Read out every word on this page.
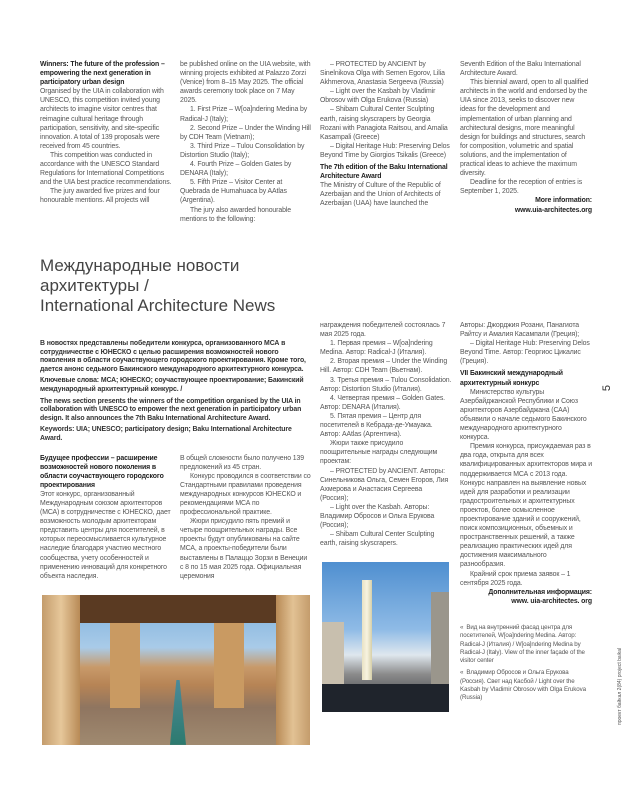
Winners: The future of the profession – empowering the next generation in participatory urban design
Organised by the UIA in collaboration with UNESCO, this competition invited young architects to imagine visitor centres that reimagine cultural heritage through participation, sensitivity, and site-specific innovation. A total of 139 proposals were received from 45 countries.
This competition was conducted in accordance with the UNESCO Standard Regulations for International Competitions and the UIA best practice recommendations.
The jury awarded five prizes and four honourable mentions. All projects will
be published online on the UIA website, with winning projects exhibited at Palazzo Zorzi (Venice) from 8–15 May 2025. The official awards ceremony took place on 7 May 2025.
1. First Prize – W[oa]ndering Medina by Radical-J (Italy);
2. Second Prize – Under the Winding Hill by CDH Team (Vietnam);
3. Third Prize – Tulou Consolidation by Distortion Studio (Italy);
4. Fourth Prize – Golden Gates by DENARA (Italy);
5. Fifth Prize – Visitor Center at Quebrada de Humahuaca by AAtlas (Argentina).
The jury also awarded honourable mentions to the following:
– PROTECTED by ANCIENT by Sinelnikova Olga with Semen Egorov, Lilia Akhmerova, Anastasia Sergeeva (Russia)
– Light over the Kasbah by Vladimir Obrosov with Olga Erukova (Russia)
– Shibam Cultural Center Sculpting earth, raising skyscrapers by Georgia Rozani with Panagiota Raitsou, and Amalia Kasampali (Greece)
– Digital Heritage Hub: Preserving Delos Beyond Time by Giorgios Tsikalis (Greece)
The 7th edition of the Baku International Architecture Award
The Ministry of Culture of the Republic of Azerbaijan and the Union of Architects of Azerbaijan (UAA) have launched the
Seventh Edition of the Baku International Architecture Award.
This biennial award, open to all qualified architects in the world and endorsed by the UIA since 2013, seeks to discover new ideas for the development and implementation of urban planning and architectural designs, more meaningful design for buildings and structures, search for composition, volumetric and spatial solutions, and the implementation of practical ideas to achieve the maximum diversity.
Deadline for the reception of entries is September 1, 2025.
More information:
www.uia-architectes.org
Международные новости архитектуры /
International Architecture News
В новостях представлены победители конкурса, организованного МСА в сотрудничестве с ЮНЕСКО с целью расширения возможностей нового поколения в области соучаствующего городского проектирования. Кроме того, дается анонс седьмого Бакинского международного архитектурного конкурса.
Ключевые слова: МСА; ЮНЕСКО; соучаствующее проектирование; Бакинский международный архитектурный конкурс. /
The news section presents the winners of the competition organised by the UIA in collaboration with UNESCO to empower the next generation in participatory urban design. It also announces the 7th Baku International Architecture Award.
Keywords: UIA; UNESCO; participatory design; Baku International Architecture Award.
Будущее профессии – расширение возможностей нового поколения в области соучаствующего городского проектирования
Этот конкурс, организованный Международным союзом архитекторов (МСА) в сотрудничестве с ЮНЕСКО, дает возможность молодым архитекторам представить центры для посетителей, в которых переосмысливается культурное наследие благодаря участию местного сообщества, учету особенностей и применению инноваций для конкретного объекта наследия.
В общей сложности было получено 139 предложений из 45 стран.
Конкурс проводился в соответствии со Стандартными правилами проведения международных конкурсов ЮНЕСКО и рекомендациями МСА по профессиональной практике.
Жюри присудило пять премий и четыре поощрительных награды. Все проекты будут опубликованы на сайте МСА, а проекты-победители были выставлены в Палаццо Зорзи в Венеции с 8 по 15 мая 2025 года. Официальная церемония
награждения победителей состоялась 7 мая 2025 года.
1. Первая премия – W[oa]ndering Medina. Автор: Radical-J (Италия).
2. Вторая премия – Under the Winding Hill. Автор: CDH Team (Вьетнам).
3. Третья премия – Tulou Consolidation. Автор: Distortion Studio (Италия).
4. Четвертая премия – Golden Gates. Автор: DENARA (Италия).
5. Пятая премия – Центр для посетителей в Кебрада-де-Умауака. Автор: AAtlas (Аргентина).
Жюри также присудило поощрительные награды следующим проектам:
– PROTECTED by ANCIENT. Авторы: Синельникова Ольга, Семен Егоров, Лия Ахмерова и Анастасия Сергеева (Россия);
– Light over the Kasbah. Авторы: Владимир Обросов и Ольга Ерукова (Россия);
– Shibam Cultural Center Sculpting earth, raising skyscrapers.
Авторы: Джорджия Розани, Панагиота Райтсу и Амалия Касампали (Греция);
– Digital Heritage Hub: Preserving Delos Beyond Time. Автор: Георгиос Цикалис (Греция).
VII Бакинский международный архитектурный конкурс
Министерство культуры Азербайджанской Республики и Союз архитекторов Азербайджана (САА) объявили о начале седьмого Бакинского международного архитектурного конкурса.
Премия конкурса, присуждаемая раз в два года, открыта для всех квалифицированных архитекторов мира и поддерживается МСА с 2013 года. Конкурс направлен на выявление новых идей для разработки и реализации градостроительных и архитектурных проектов, более осмысленное проектирование зданий и сооружений, поиск композиционных, объемных и пространственных решений, а также реализацию практических идей для достижения максимального разнообразия.
Крайний срок приема заявок – 1 сентября 2025 года.
Дополнительная информация:
www. uia-architectes. org
« Вид на внутренний фасад центра для посетителей, W[oa]ndering Medina. Автор: Radical-J (Италия) / W[oa]ndering Medina by Radical-J (Italy). View of the inner façade of the visitor center
« Владимир Обросов и Ольга Ерукова (Россия). Свет над Касбой / Light over the Kasbah by Vladimir Obrosov with Olga Erukova (Russia)
5
проект байкал 2(84) project baikal
